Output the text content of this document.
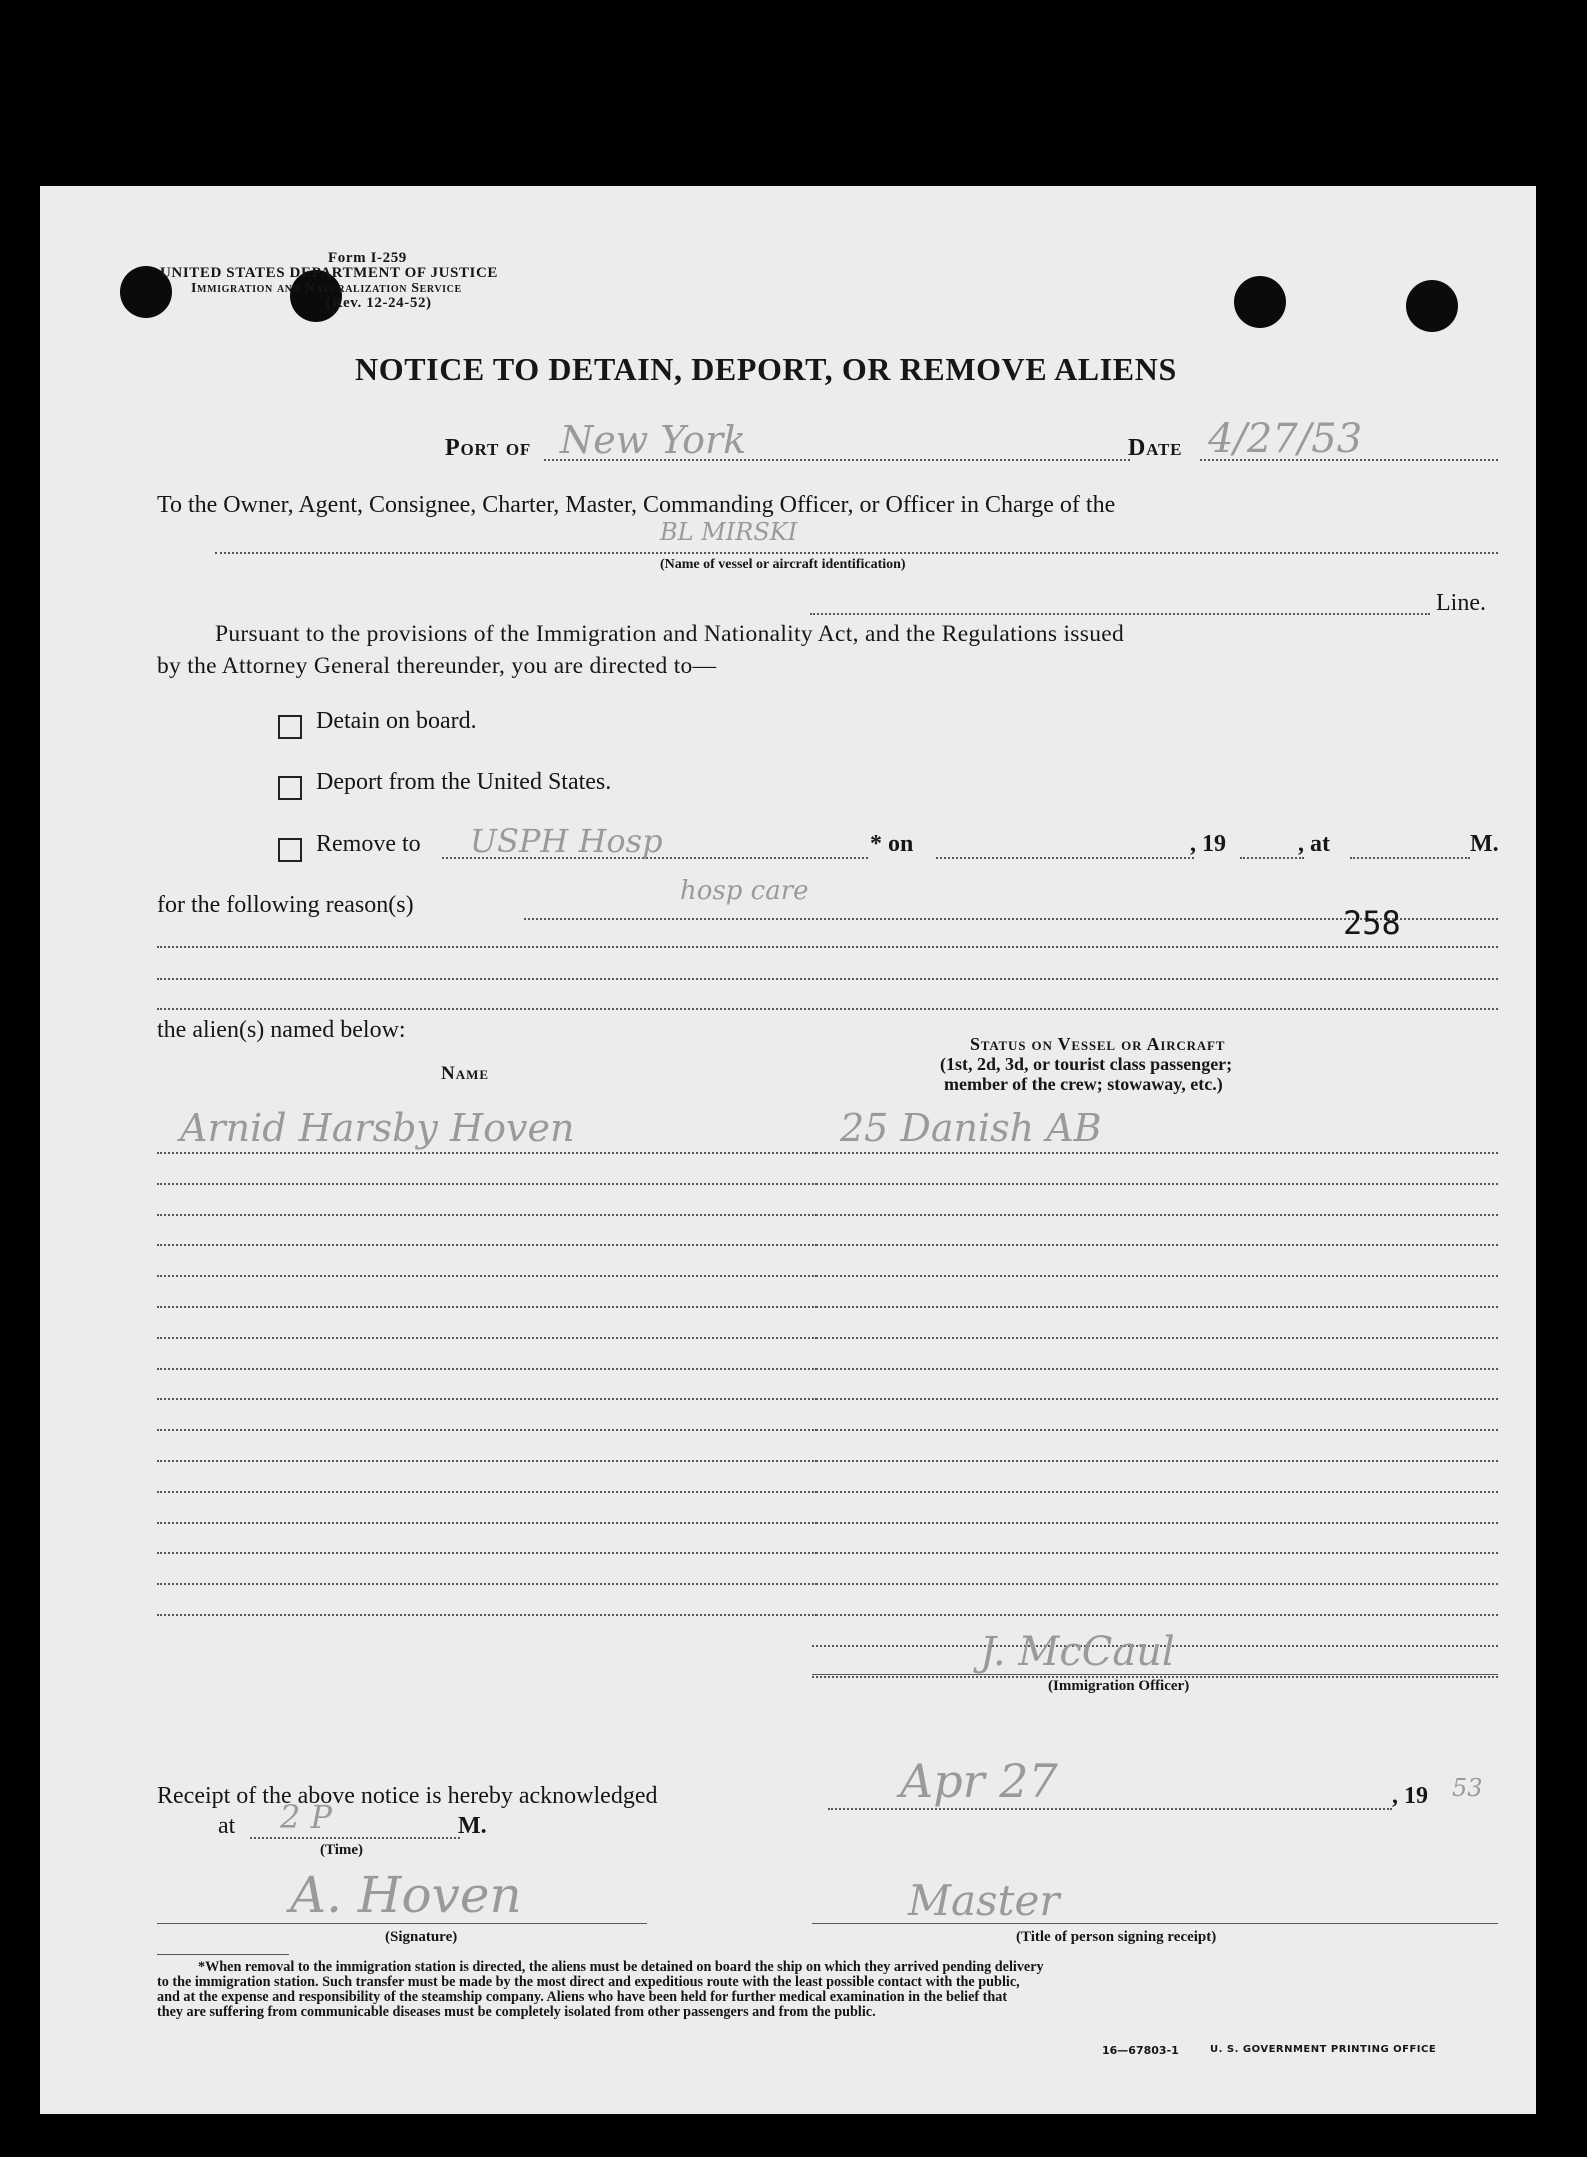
Form I-259
UNITED STATES DEPARTMENT OF JUSTICE
Immigration and Naturalization Service
(Rev. 12-24-52)
NOTICE TO DETAIN, DEPORT, OR REMOVE ALIENS
Port of New York	Date 4/27/53
To the Owner, Agent, Consignee, Charter, Master, Commanding Officer, or Officer in Charge of the
BL MIRSKI
(Name of vessel or aircraft identification)
Line.
Pursuant to the provisions of the Immigration and Nationality Act, and the Regulations issued
by the Attorney General thereunder, you are directed to—
Detain on board.
Deport from the United States.
Remove to USPH Hosp	* on	, 19	, at	M.
for the following reason(s)	hosp care
258
the alien(s) named below:
Name
Status on Vessel or Aircraft
(1st, 2d, 3d, or tourist class passenger;
member of the crew; stowaway, etc.)
Arnid Harsby Hoven	25 Danish AB
J. McCaul
(Immigration Officer)
Receipt of the above notice is hereby acknowledged	Apr 27	, 19 53
at 2 P	M.
(Time)
A. Hoven
(Signature)
Master
(Title of person signing receipt)
*When removal to the immigration station is directed, the aliens must be detained on board the ship on which they arrived pending delivery
to the immigration station. Such transfer must be made by the most direct and expeditious route with the least possible contact with the public,
and at the expense and responsibility of the steamship company. Aliens who have been held for further medical examination in the belief that
they are suffering from communicable diseases must be completely isolated from other passengers and from the public.
16—67803-1	U. S. GOVERNMENT PRINTING OFFICE
